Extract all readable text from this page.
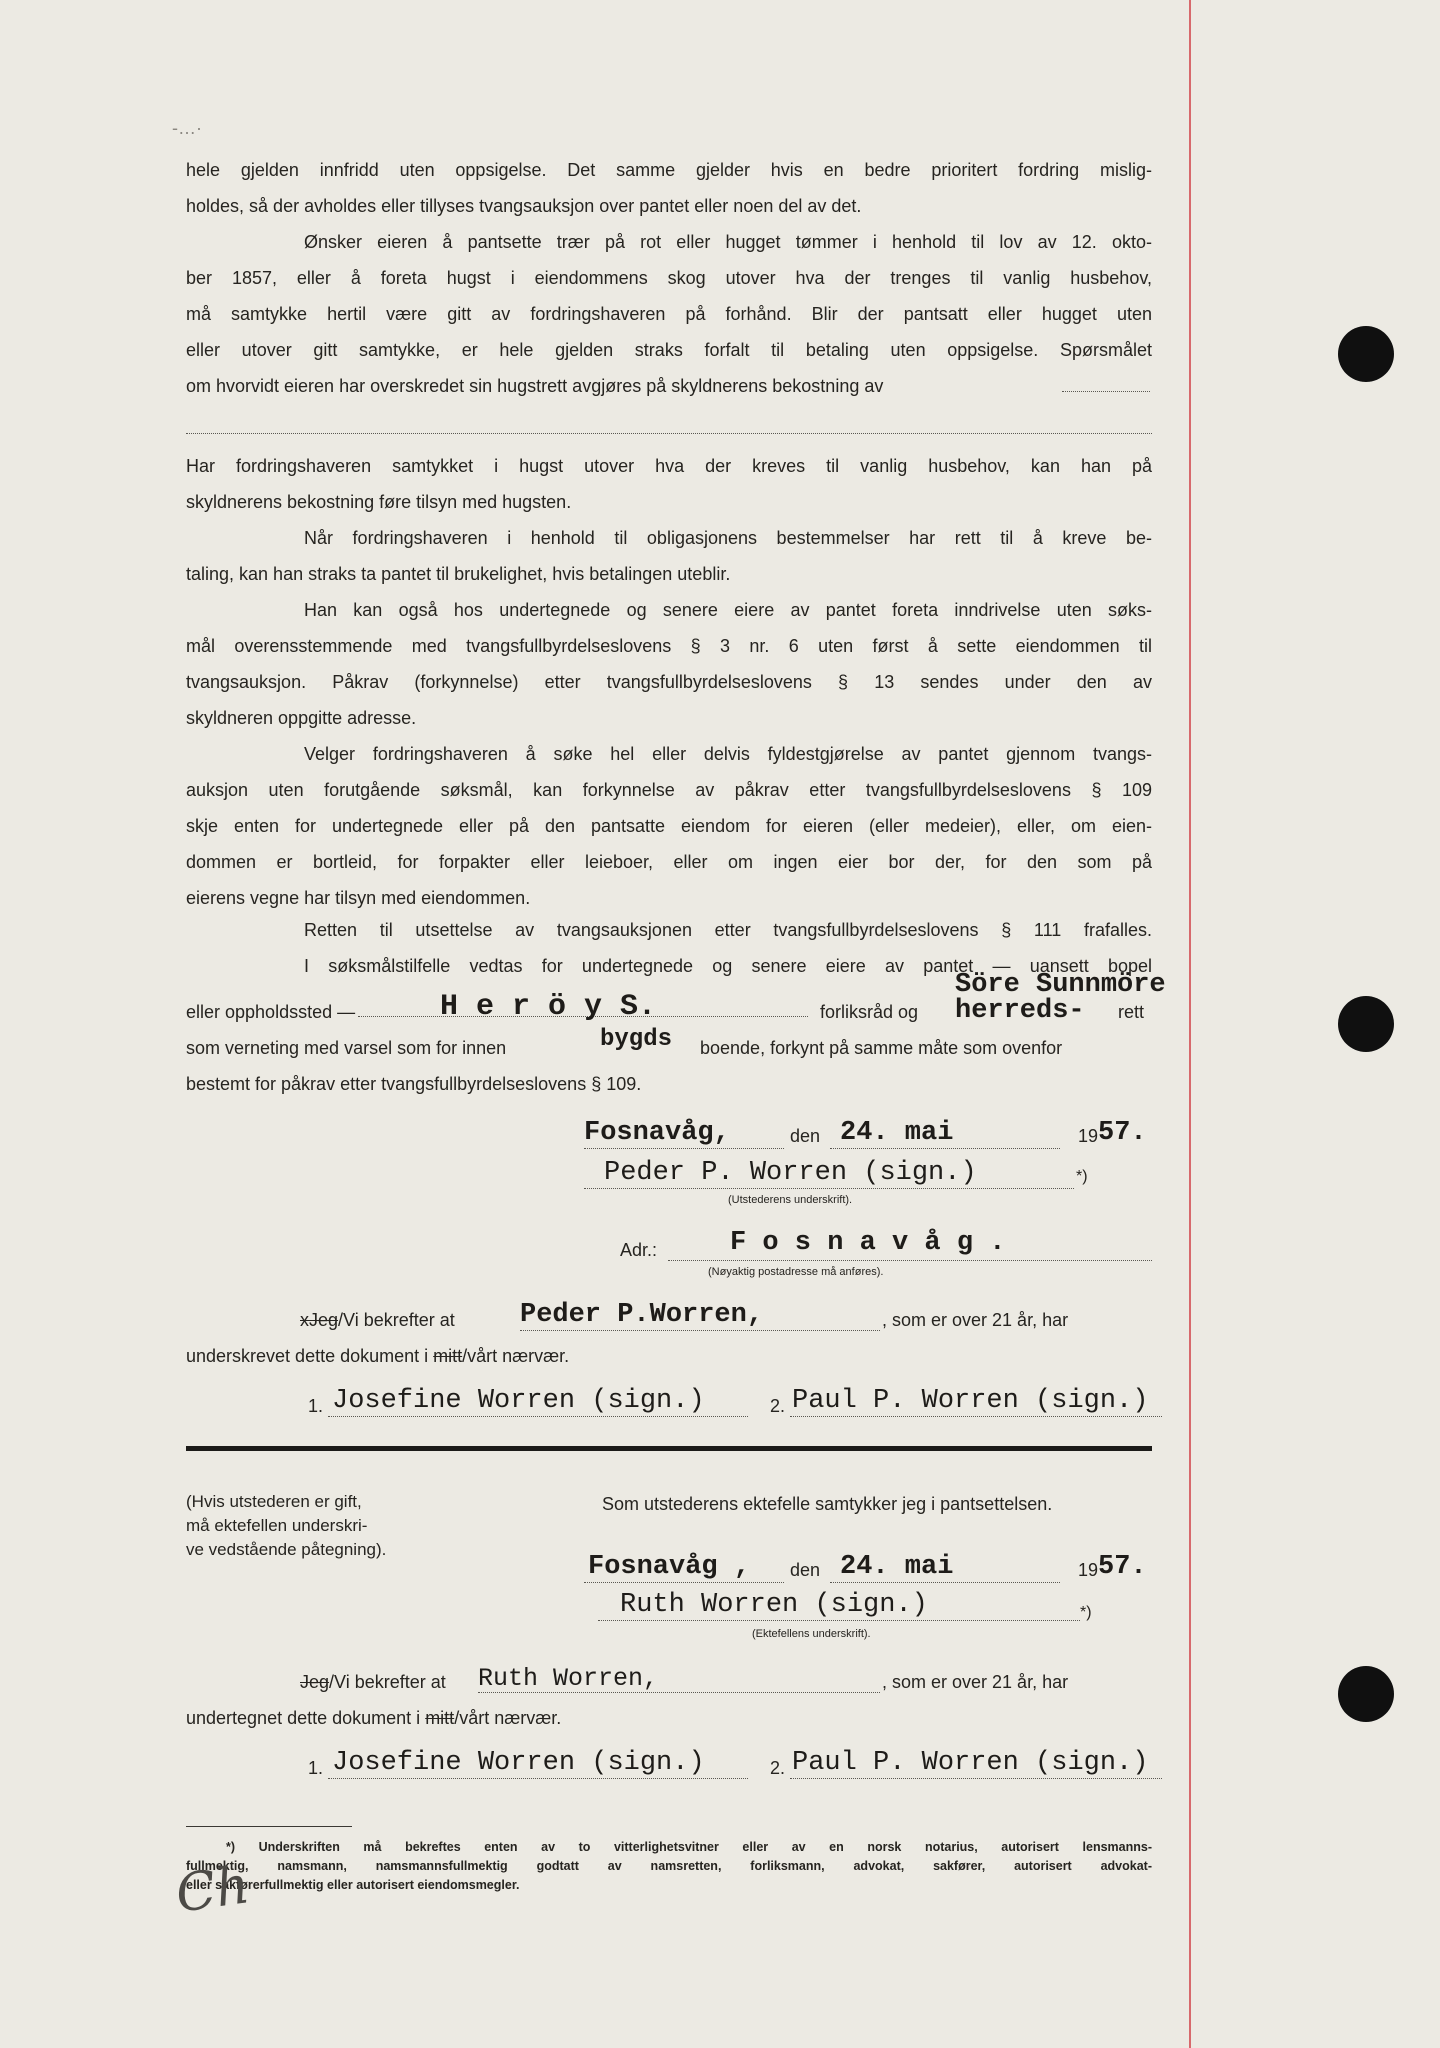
-…·
hele gjelden innfridd uten oppsigelse. Det samme gjelder hvis en bedre prioritert fordring mislig-
holdes, så der avholdes eller tillyses tvangsauksjon over pantet eller noen del av det.
Ønsker eieren å pantsette trær på rot eller hugget tømmer i henhold til lov av 12. okto-
ber 1857, eller å foreta hugst i eiendommens skog utover hva der trenges til vanlig husbehov,
må samtykke hertil være gitt av fordringshaveren på forhånd. Blir der pantsatt eller hugget uten
eller utover gitt samtykke, er hele gjelden straks forfalt til betaling uten oppsigelse. Spørsmålet
om hvorvidt eieren har overskredet sin hugstrett avgjøres på skyldnerens bekostning av
Har fordringshaveren samtykket i hugst utover hva der kreves til vanlig husbehov, kan han på
skyldnerens bekostning føre tilsyn med hugsten.
Når fordringshaveren i henhold til obligasjonens bestemmelser har rett til å kreve be-
taling, kan han straks ta pantet til brukelighet, hvis betalingen uteblir.
Han kan også hos undertegnede og senere eiere av pantet foreta inndrivelse uten søks-
mål overensstemmende med tvangsfullbyrdelseslovens § 3 nr. 6 uten først å sette eiendommen til
tvangsauksjon. Påkrav (forkynnelse) etter tvangsfullbyrdelseslovens § 13 sendes under den av
skyldneren oppgitte adresse.
Velger fordringshaveren å søke hel eller delvis fyldestgjørelse av pantet gjennom tvangs-
auksjon uten forutgående søksmål, kan forkynnelse av påkrav etter tvangsfullbyrdelseslovens § 109
skje enten for undertegnede eller på den pantsatte eiendom for eieren (eller medeier), eller, om eien-
dommen er bortleid, for forpakter eller leieboer, eller om ingen eier bor der, for den som på
eierens vegne har tilsyn med eiendommen.
Retten til utsettelse av tvangsauksjonen etter tvangsfullbyrdelseslovens § 111 frafalles.
I søksmålstilfelle vedtas for undertegnede og senere eiere av pantet — uansett bopel
eller oppholdssted —	H e r ö y S.	forliksråd og
Söre Sunnmöre
herreds- rett
som verneting med varsel som for innen	bygds boende, forkynt på samme måte som ovenfor
bestemt for påkrav etter tvangsfullbyrdelseslovens § 109.
Fosnavåg,	den 24. mai	19 57.
Peder P. Worren (sign.)	*)
(Utstederens underskrift).
Adr.:	F o s n a v å g .
(Nøyaktig postadresse må anføres).
xJeg/Vi bekrefter at Peder P.Worren,	, som er over 21 år, har
underskrevet dette dokument i mitt/vårt nærvær.
1. Josefine Worren (sign.)	2. Paul P. Worren (sign.)
(Hvis utstederen er gift,
må ektefellen underskri-
ve vedstående påtegning).
Som utstederens ektefelle samtykker jeg i pantsettelsen.
Fosnavåg , den 24. mai	19 57.
Ruth Worren (sign.)	*)
(Ektefellens underskrift).
Jeg/Vi bekrefter at Ruth Worren,	, som er over 21 år, har
undertegnet dette dokument i mitt/vårt nærvær.
1. Josefine Worren (sign.)	2. Paul P. Worren (sign.)
*) Underskriften må bekreftes enten av to vitterlighetsvitner eller av en norsk notarius, autorisert lensmanns-
fullmektig, namsmann, namsmannsfullmektig godtatt av namsretten, forliksmann, advokat, sakfører, autorisert advokat-
eller sakførerfullmektig eller autorisert eiendomsmegler.
Ch
